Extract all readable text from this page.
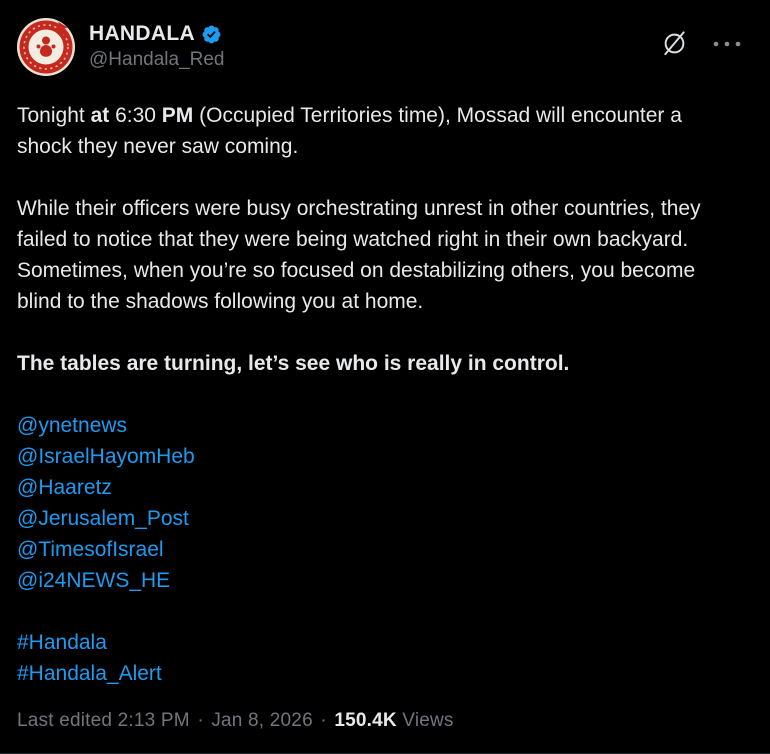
HANDALA
@Handala_Red

Tonight at 6:30 PM (Occupied Territories time), Mossad will encounter a shock they never saw coming.

While their officers were busy orchestrating unrest in other countries, they failed to notice that they were being watched right in their own backyard. Sometimes, when you’re so focused on destabilizing others, you become blind to the shadows following you at home.

The tables are turning, let’s see who is really in control.

@ynetnews
@IsraelHayomHeb
@Haaretz
@Jerusalem_Post
@TimesofIsrael
@i24NEWS_HE

#Handala
#Handala_Alert

Last edited 2:13 PM · Jan 8, 2026 · 150.4K Views
